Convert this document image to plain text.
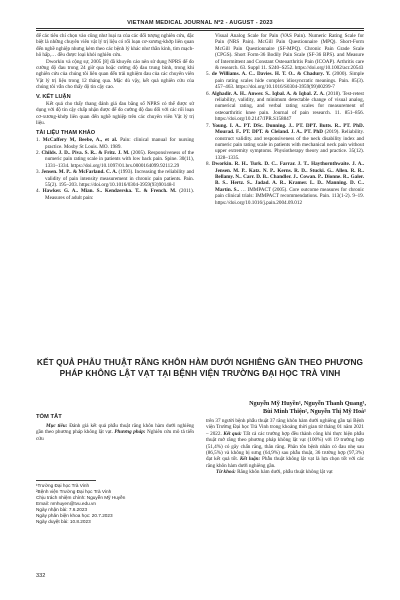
VIETNAM MEDICAL JOURNAL Nº2 - AUGUST - 2023

để các tiêu chí chọn vào cũng như loại ra của các đối tượng nghiên cứu, đặc biệt là những chuyên viên vật lý trị liệu có rối loạn cơ-xương-khớp liên quan đến nghề nghiệp nhưng kèm theo các bệnh lý khác như thần kinh, tim mạch-hô hấp,… đều được loại khỏi nghiên cứu.

Dworkin và cộng sự, 2005 [8] đã khuyến cáo nên sử dụng NPRS để đo cường độ đau trong 24 giờ qua hoặc cường độ đau trung bình, trong khi nghiên cứu của chúng tôi liên quan đến trải nghiệm đau của các chuyên viên Vật lý trị liệu trong 12 tháng qua. Mặc dù vậy, kết quả nghiên cứu của chúng tôi vẫn cho thấy độ tin cậy cao.

V. KẾT LUẬN

Kết quả cho thấy thang đánh giá đau bằng số NPRS có thể được sử dụng với độ tin cậy chấp nhận được để đo cường độ đau đối với các rối loạn cơ-xương-khớp liên quan đến nghề nghiệp trên các chuyên viên Vật lý trị liệu.

TÀI LIỆU THAM KHẢO

1. McCaffery M, Beebe, A., et al. Pain: clinical manual for nursing practice. Mosby St Louis. MO. 1989.

2. Childs. J. D.. Piva. S. R.. & Fritz. J. M. (2005). Responsiveness of the numeric pain rating scale in patients with low back pain. Spine. 30(11), 1331–1334. https://doi.org/10.1097/01.brs.0000164099.92112.29

3. Jensen. M. P.. & McFarland. C. A. (1993). Increasing the reliability and validity of pain intensity measurement in chronic pain patients. Pain. 55(2). 195–203. https://doi.org/10.1016/0304-3959(93)90148-I

4. Hawker. G. A.. Mian. S.. Kendzerska. T.. & French. M. (2011). Measures of adult pain:

Visual Analog Scale for Pain (VAS Pain). Numeric Rating Scale for Pain (NRS Pain). McGill Pain Questionnaire (MPQ). Short-Form McGill Pain Questionnaire (SF-MPQ). Chronic Pain Grade Scale (CPGS). Short Form-36 Bodily Pain Scale (SF-36 BPS). and Measure of Intermittent and Constant Osteoarthritis Pain (ICOAP). Arthritis care & research. 63. Suppl 11. S240–S252. https://doi.org/10.1002/acr.20543

5. de Williams. A. C.. Davies. H. T. O.. & Chadury. Y. (2000). Simple pain rating scales hide complex idiosyncratic meanings. Pain. 85(3). 457–463. https://doi.org/10.1016/S0304-3959(99)00299-7

6. Alghadir. A. H.. Anwer. S.. Iqbal. A. & Iqbal. Z. A. (2018). Test-retest reliability, validity, and minimum detectable change of visual analog, numerical rating, and verbal rating scales for measurement of osteoarthritic knee pain. Journal of pain research. 11. 851–856. https://doi.org/10.2147/JPR.S158847

7. Young. I. A.. PT. DSc. Dunning. J.. PT. DPT. Butts. R.. PT. PhD. Mourad. F.. PT. DPT. & Cleland. J. A.. PT. PhD (2019). Reliability. construct validity. and responsiveness of the neck disability index and numeric pain rating scale in patients with mechanical neck pain without upper extremity symptoms. Physiotherapy theory and practice. 35(12). 1328–1335.

8. Dworkin. R. H.. Turk. D. C.. Farrar. J. T.. Haythornthwaite. J. A.. Jensen. M. P.. Katz. N. P.. Kerns. R. D.. Stucki. G.. Allen. R. R.. Bellamy. N.. Carr. D. B.. Chandler. J.. Cowan. P.. Dionne. R.. Galer. B. S.. Hertz. S.. Jadad. A. R.. Kramer. L. D.. Manning. D. C.. Martin. S.. … IMMPACT (2005). Core outcome measures for chronic pain clinical trials: IMMPACT recommendations. Pain. 113(1-2). 9–19. https://doi.org/10.1016/j.pain.2004.09.012

KẾT QUẢ PHẪU THUẬT RĂNG KHÔN HÀM DƯỚI NGHIÊNG GẦN THEO PHƯƠNG PHÁP KHÔNG LẬT VẠT TẠI BỆNH VIỆN TRƯỜNG ĐẠI HỌC TRÀ VINH
Nguyễn Mỹ Huyền¹, Nguyễn Thanh Quang¹,
Bùi Minh Thiện², Nguyễn Thị Mỹ Hoà¹
TÓM TẮT

Mục tiêu: Đánh giá kết quả phẫu thuật răng khôn hàm dưới nghiêng gần theo phương pháp không lật vạt. Phương pháp: Nghiên cứu mô tả tiến cứu

trên 37 người bệnh phẫu thuật 37 răng khôn hàm dưới nghiêng gần tại Bệnh viện Trường Đại học Trà Vinh trong khoảng thời gian từ tháng 01 năm 2021 – 2022. Kết quả: Tất cả các trường hợp đều thành công khi thực hiện phẫu thuật mở răng theo phương pháp không lật vạt (100%) với 19 trường hợp (51,4%) có gây chấn răng, thân răng. Phân tôn bệnh nhân có đau nhẹ sau (86,5%) và không bị sưng (64,9%) sau phẫu thuật, 36 trường hợp (97,3%) đạt kết quả tốt. Kết luận: Phẫu thuật không lật vạt là lựa chọn tốt với các răng khôn hàm dưới nghiêng gần.

Từ khoá: Răng khôn hàm dưới, phẫu thuật không lật vạt

¹Trường Đại học Trà Vinh
²Bệnh viện Trường Đại học Trà Vinh
Chịu trách nhiệm chính: Nguyễn Mỹ Huyền
Email: nmhuyen@tvu.edu.vn
Ngày nhận bài: 7.6.2023
Ngày phản biện khoa học: 20.7.2023
Ngày duyệt bài: 10.8.2023
332
